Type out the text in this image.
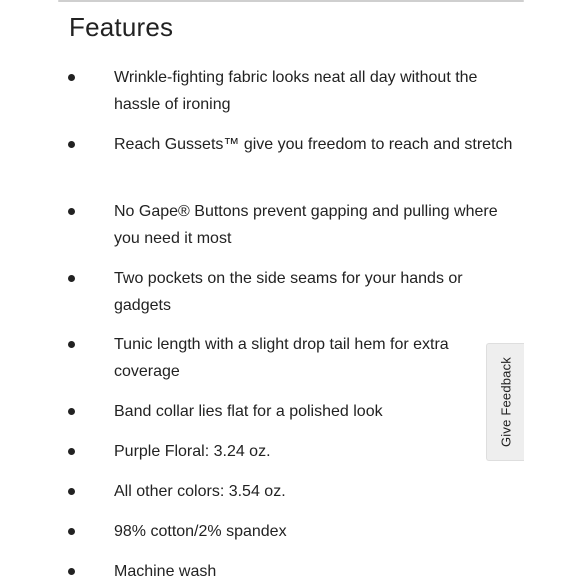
Features
Wrinkle-fighting fabric looks neat all day without the hassle of ironing
Reach Gussets™ give you freedom to reach and stretch
No Gape® Buttons prevent gapping and pulling where you need it most
Two pockets on the side seams for your hands or gadgets
Tunic length with a slight drop tail hem for extra coverage
Band collar lies flat for a polished look
Purple Floral: 3.24 oz.
All other colors: 3.54 oz.
98% cotton/2% spandex
Machine wash
Give Feedback
